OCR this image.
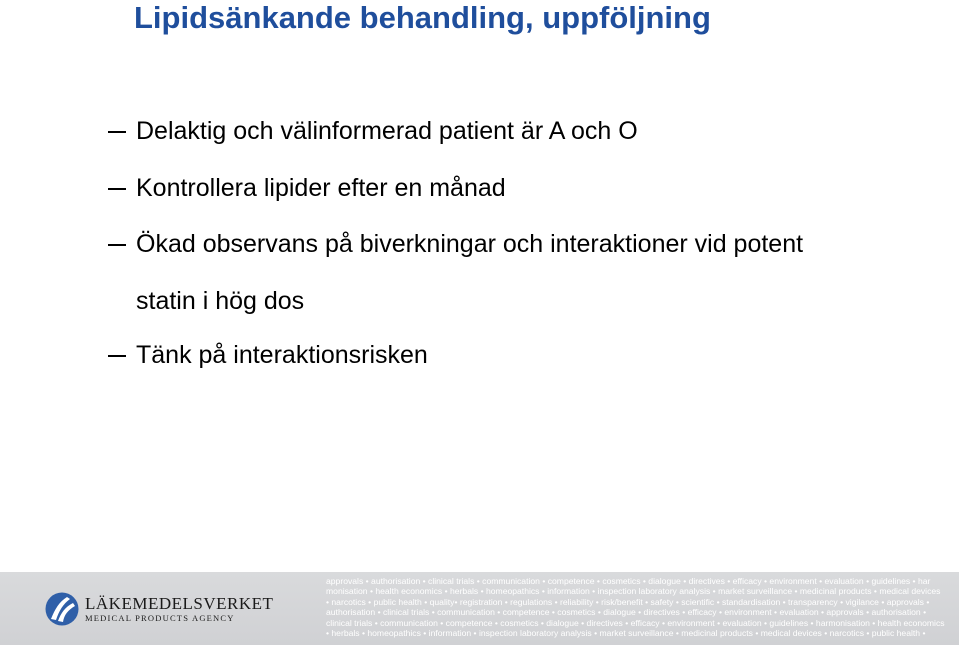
Lipidsänkande behandling, uppföljning
Delaktig och välinformerad patient är A och O
Kontrollera lipider efter en månad
Ökad observans på biverkningar och interaktioner vid potent statin i hög dos
Tänk på interaktionsrisken
LÄKEMEDELSVERKET
MEDICAL PRODUCTS AGENCY
approvals • authorisation • clinical trials • communication • competence • cosmetics • dialogue • directives • efficacy • environment • evaluation • guidelines • har
monisation • health economics • herbals • homeopathics • information • inspection laboratory analysis • market surveillance • medicinal products • medical devices
• narcotics • public health • quality• registration • regulations • reliability • risk/benefit • safety • scientific • standardisation • transparency • vigilance • approvals •
authorisation • clinical trials • communication • competence • cosmetics • dialogue • directives • efficacy • environment • evaluation • approvals • authorisation •
clinical trials • communication • competence • cosmetics • dialogue • directives • efficacy • environment • evaluation • guidelines • harmonisation • health economics
• herbals • homeopathics • information • inspection laboratory analysis • market surveillance • medicinal products • medical devices • narcotics • public health •
